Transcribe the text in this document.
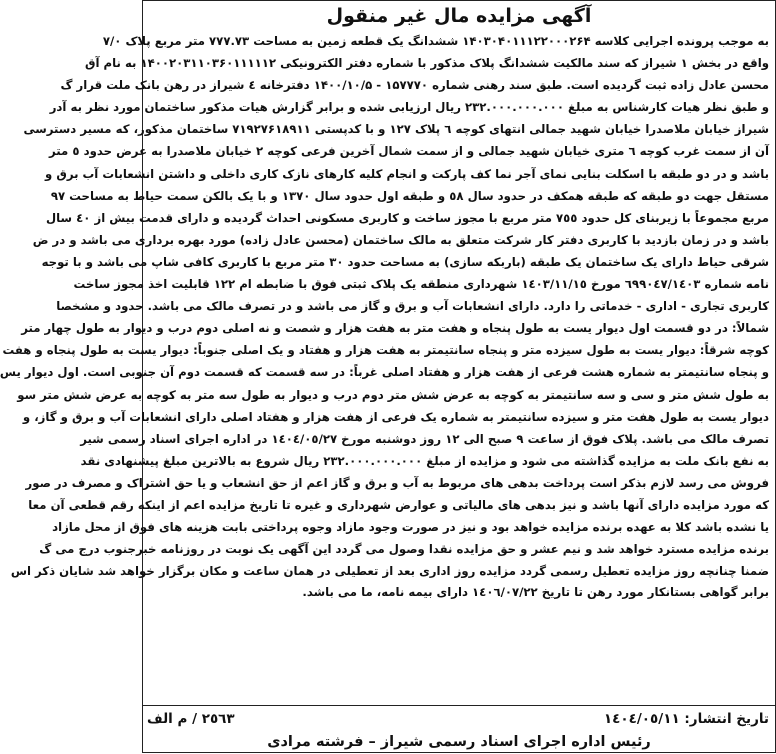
آگهی مزایده مال غیر منقول
به موجب پرونده اجرایی کلاسه ۱۴۰۳۰۴۰۱۱۱۲۲۰۰۰۲۶۴ ششدانگ یک قطعه زمین به مساحت ۷۷۷.۷۳ متر مربع پلاک ۷/۰
واقع در بخش ۱ شیراز که سند مالکیت ششدانگ پلاک مذکور با شماره دفتر الکترونیکی ۱۴۰۰۲۰۳۱۱۰۳۶۰۱۱۱۱۱۲ به نام آق
محسن عادل زاده ثبت گردیده است. طبق سند رهنی شماره ۱۵۷۷۷۰ - ۱۴۰۰/۱۰/۵ دفترخانه ٤ شیراز در رهن بانک ملت قرار گ
و طبق نظر هیات کارشناس به مبلغ ۲۳۲.۰۰۰.۰۰۰.۰۰۰ ریال ارزیابی شده و برابر گزارش هیات مذکور ساختمان مورد نظر به آدر
شیراز خیابان ملاصدرا خیابان شهید جمالی انتهای کوچه ٦ پلاک ۱۲۷ و با کدپستی ۷۱۹۲۷۶۱۸۹۱۱ ساختمان مذکور، که مسیر دسترسی
آن از سمت غرب کوچه ٦ متری خیابان شهید جمالی و از سمت شمال آخرین فرعی کوچه ۲ خیابان ملاصدرا به عرض حدود ٥ متر
باشد و در دو طبقه با اسکلت بنایی نمای آجر نما کف پارکت و انجام کلیه کارهای نازک کاری داخلی و داشتن انشعابات آب برق و
مستقل جهت دو طبقه که طبقه همکف در حدود سال ٥۸ و طبقه اول حدود سال ۱۳۷۰ و با یک بالکن سمت حیاط به مساحت ۹۷
مربع مجموعاً با زیربنای کل حدود ۷٥٥ متر مربع با مجوز ساخت و کاربری مسکونی احداث گردیده و دارای قدمت بیش از ٤۰ سال
باشد و در زمان بازدید با کاربری دفتر کار شرکت متعلق به مالک ساختمان (محسن عادل زاده) مورد بهره برداری می باشد و در ض
شرقی حیاط دارای یک ساختمان یک طبقه (باربکه سازی) به مساحت حدود ۳۰ متر مربع با کاربری کافی شاپ می باشد و با توجه
نامه شماره ٦۹۹۰٤۷/۱٤۰۳ مورخ ۱٤۰۳/۱۱/۱٥ شهرداری منطقه یک پلاک ثبتی فوق با ضابطه ام ۱۲۲ قابلیت اخذ مجوز ساخت
کاربری تجاری - اداری - خدماتی را دارد. دارای انشعابات آب و برق و گاز می باشد و در تصرف مالک می باشد. حدود و مشخصا
شمالاً: در دو قسمت اول دیوار یست به طول پنجاه و هفت متر به هفت هزار و شصت و نه اصلی دوم درب و دیوار به طول چهار متر
کوچه شرقاً: دیوار یست به طول سیزده متر و پنجاه سانتیمتر به هفت هزار و هفتاد و یک اصلی جنوباً: دیوار یست به طول پنجاه و هفت
و پنجاه سانتیمتر به شماره هشت فرعی از هفت هزار و هفتاد اصلی غرباً: در سه قسمت که قسمت دوم آن جنوبی است. اول دیوار یس
به طول شش متر و سی و سه سانتیمتر به کوچه به عرض شش متر دوم درب و دیوار به طول سه متر به کوچه به عرض شش متر سو
دیوار یست به طول هفت متر و سیزده سانتیمتر به شماره یک فرعی از هفت هزار و هفتاد اصلی دارای انشعابات آب و برق و گاز، و
تصرف مالک می باشد. پلاک فوق از ساعت ۹ صبح الی ۱۲ روز دوشنبه مورخ ۱٤۰٤/۰٥/۲۷ در اداره اجرای اسناد رسمی شیر
به نفع بانک ملت به مزایده گذاشته می شود و مزایده از مبلغ ۲۳۲.۰۰۰.۰۰۰.۰۰۰ ریال شروع به بالاترین مبلغ پیشنهادی نقد
فروش می رسد لازم بذکر است پرداخت بدهی های مربوط به آب و برق و گاز اعم از حق انشعاب و یا حق اشتراک و مصرف در صور
که مورد مزایده دارای آنها باشد و نیز بدهی های مالیاتی و عوارض شهرداری و غیره تا تاریخ مزایده اعم از اینکه رقم قطعی آن معا
یا نشده باشد کلا به عهده برنده مزایده خواهد بود و نیز در صورت وجود مازاد وجوه پرداختی بابت هزینه های فوق از محل مازاد
برنده مزایده مسترد خواهد شد و نیم عشر و حق مزایده نقدا وصول می گردد این آگهی یک نوبت در روزنامه خبرجنوب درج می گ
ضمنا چنانچه روز مزایده تعطیل رسمی گردد مزایده روز اداری بعد از تعطیلی در همان ساعت و مکان برگزار خواهد شد شایان ذکر اس
برابر گواهی بستانکار مورد رهن تا تاریخ ۱٤۰٦/۰۷/۲۲ دارای بیمه نامه، ما می باشد.
تاریخ انتشار: ۱٤۰٤/۰٥/۱۱
۲٥٦۳ / م الف
رئیس اداره اجرای اسناد رسمی شیراز – فرشته مرادی
